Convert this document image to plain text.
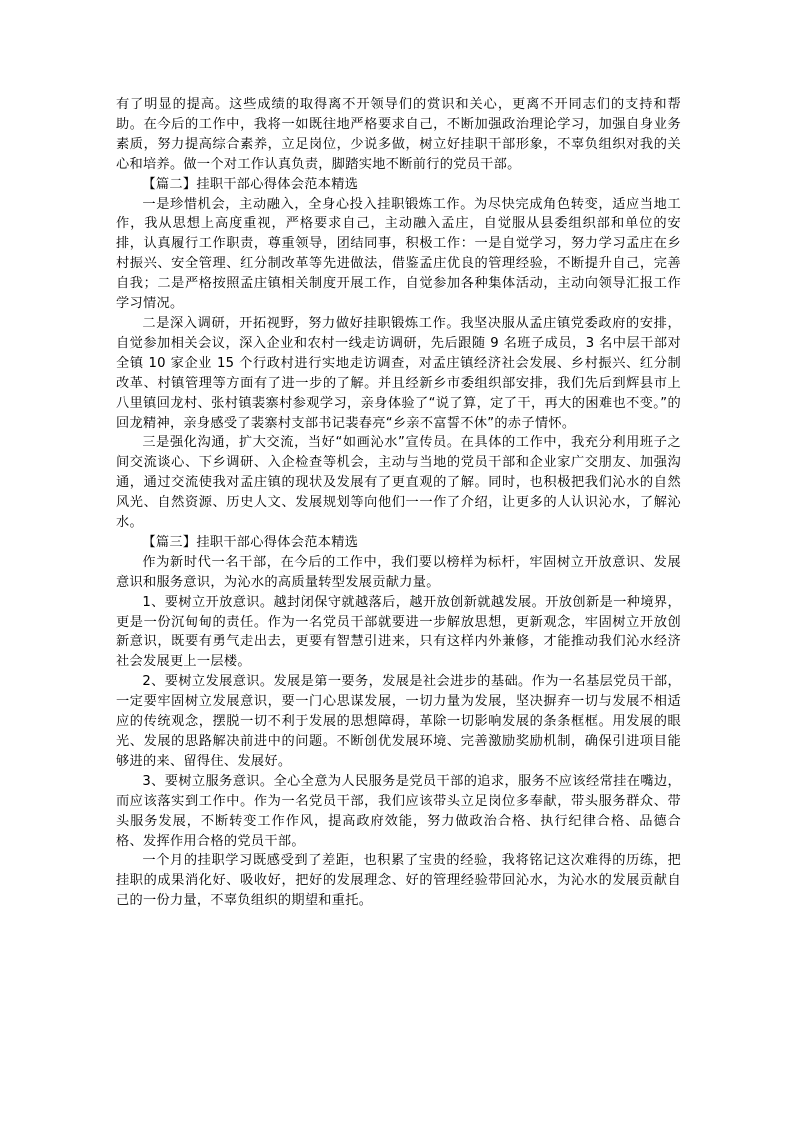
有了明显的提高。这些成绩的取得离不开领导们的赏识和关心，更离不开同志们的支持和帮助。在今后的工作中，我将一如既往地严格要求自己，不断加强政治理论学习，加强自身业务素质，努力提高综合素养，立足岗位，少说多做，树立好挂职干部形象，不辜负组织对我的关心和培养。做一个对工作认真负责，脚踏实地不断前行的党员干部。

【篇二】挂职干部心得体会范本精选

一是珍惜机会，主动融入，全身心投入挂职锻炼工作。为尽快完成角色转变，适应当地工作，我从思想上高度重视，严格要求自己，主动融入孟庄，自觉服从县委组织部和单位的安排，认真履行工作职责，尊重领导，团结同事，积极工作：一是自觉学习，努力学习孟庄在乡村振兴、安全管理、红分制改革等先进做法，借鉴孟庄优良的管理经验，不断提升自己，完善自我；二是严格按照孟庄镇相关制度开展工作，自觉参加各种集体活动，主动向领导汇报工作学习情况。

二是深入调研，开拓视野，努力做好挂职锻炼工作。我坚决服从孟庄镇党委政府的安排，自觉参加相关会议，深入企业和农村一线走访调研，先后跟随 9 名班子成员，3 名中层干部对全镇 10 家企业 15 个行政村进行实地走访调查，对孟庄镇经济社会发展、乡村振兴、红分制改革、村镇管理等方面有了进一步的了解。并且经新乡市委组织部安排，我们先后到辉县市上八里镇回龙村、张村镇裴寨村参观学习，亲身体验了“说了算，定了干，再大的困难也不变。”的回龙精神，亲身感受了裴寨村支部书记裴春亮“乡亲不富誓不休”的赤子情怀。

三是强化沟通，扩大交流，当好“如画沁水”宣传员。在具体的工作中，我充分利用班子之间交流谈心、下乡调研、入企检查等机会，主动与当地的党员干部和企业家广交朋友、加强沟通，通过交流使我对孟庄镇的现状及发展有了更直观的了解。同时，也积极把我们沁水的自然风光、自然资源、历史人文、发展规划等向他们一一作了介绍，让更多的人认识沁水，了解沁水。

【篇三】挂职干部心得体会范本精选

作为新时代一名干部，在今后的工作中，我们要以榜样为标杆，牢固树立开放意识、发展意识和服务意识，为沁水的高质量转型发展贡献力量。

1、要树立开放意识。越封闭保守就越落后，越开放创新就越发展。开放创新是一种境界，更是一份沉甸甸的责任。作为一名党员干部就要进一步解放思想，更新观念，牢固树立开放创新意识，既要有勇气走出去，更要有智慧引进来，只有这样内外兼修，才能推动我们沁水经济社会发展更上一层楼。

2、要树立发展意识。发展是第一要务，发展是社会进步的基础。作为一名基层党员干部，一定要牢固树立发展意识，要一门心思谋发展，一切力量为发展，坚决摒弃一切与发展不相适应的传统观念，摆脱一切不利于发展的思想障碍，革除一切影响发展的条条框框。用发展的眼光、发展的思路解决前进中的问题。不断创优发展环境、完善激励奖励机制，确保引进项目能够进的来、留得住、发展好。

3、要树立服务意识。全心全意为人民服务是党员干部的追求，服务不应该经常挂在嘴边，而应该落实到工作中。作为一名党员干部，我们应该带头立足岗位多奉献，带头服务群众、带头服务发展，不断转变工作作风，提高政府效能，努力做政治合格、执行纪律合格、品德合格、发挥作用合格的党员干部。

一个月的挂职学习既感受到了差距，也积累了宝贵的经验，我将铭记这次难得的历练，把挂职的成果消化好、吸收好，把好的发展理念、好的管理经验带回沁水，为沁水的发展贡献自己的一份力量，不辜负组织的期望和重托。
